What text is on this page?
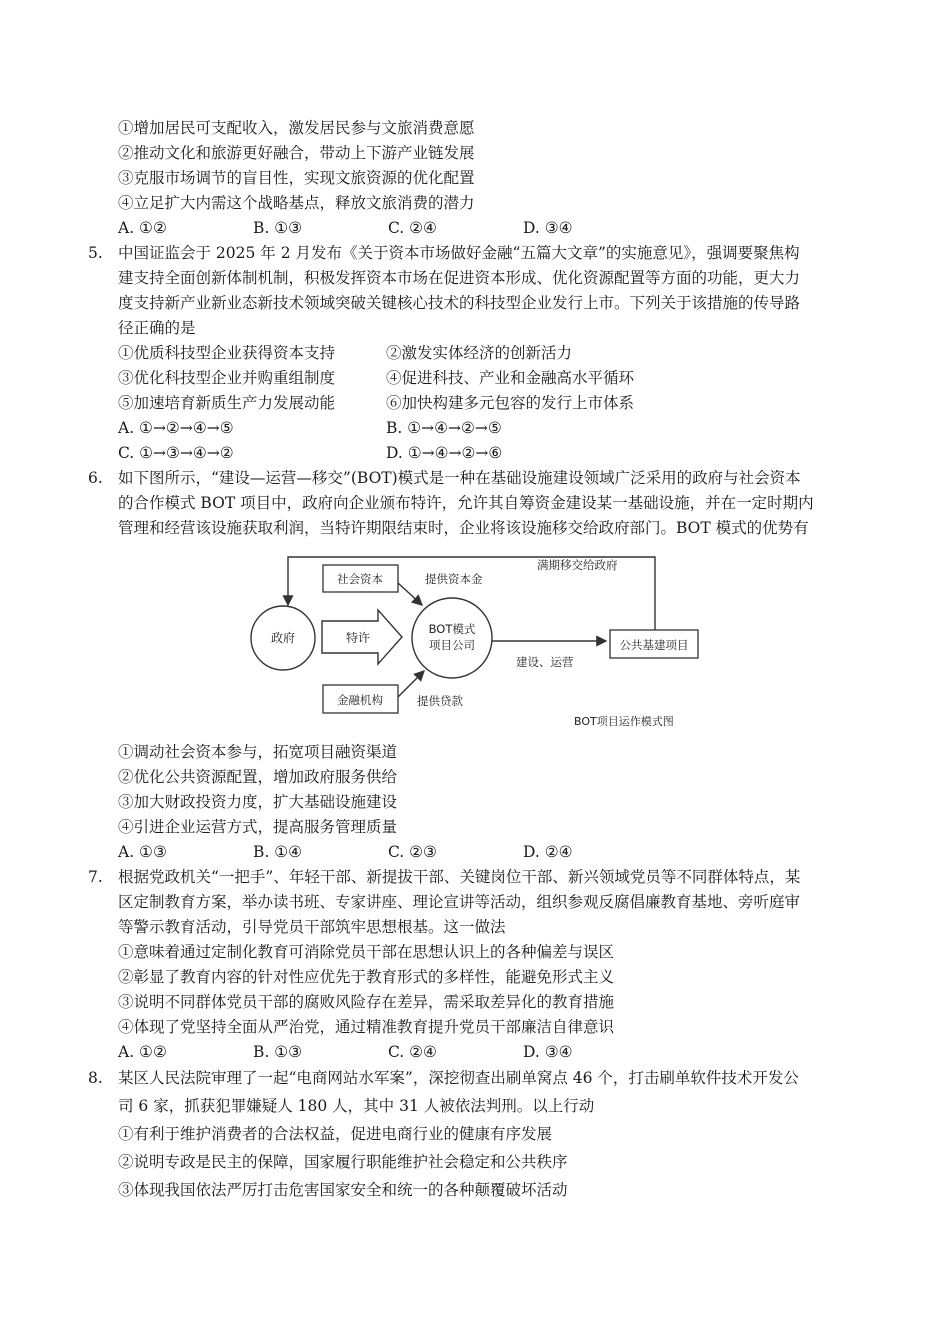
①增加居民可支配收入，激发居民参与文旅消费意愿
②推动文化和旅游更好融合，带动上下游产业链发展
③克服市场调节的盲目性，实现文旅资源的优化配置
④立足扩大内需这个战略基点，释放文旅消费的潜力
A. ①②	B. ①③	C. ②④	D. ③④
5. 中国证监会于 2025 年 2 月发布《关于资本市场做好金融“五篇大文章”的实施意见》，强调要聚焦构
建支持全面创新体制机制，积极发挥资本市场在促进资本形成、优化资源配置等方面的功能，更大力
度支持新产业新业态新技术领域突破关键核心技术的科技型企业发行上市。下列关于该措施的传导路
径正确的是
①优质科技型企业获得资本支持	②激发实体经济的创新活力
③优化科技型企业并购重组制度	④促进科技、产业和金融高水平循环
⑤加速培育新质生产力发展动能	⑥加快构建多元包容的发行上市体系
A. ①→②→④→⑤	B. ①→④→②→⑤
C. ①→③→④→②	D. ①→④→②→⑥
6. 如下图所示，“建设—运营—移交”(BOT)模式是一种在基础设施建设领域广泛采用的政府与社会资本
的合作模式 BOT 项目中，政府向企业颁布特许，允许其自筹资金建设某一基础设施，并在一定时期内
管理和经营该设施获取利润，当特许期限结束时，企业将该设施移交给政府部门。BOT 模式的优势有
满期移交给政府
政府	特许
BOT模式
项目公司
社会资本	提供资本金
金融机构	提供贷款
建设、运营
公共基建项目
BOT项目运作模式图
①调动社会资本参与，拓宽项目融资渠道
②优化公共资源配置，增加政府服务供给
③加大财政投资力度，扩大基础设施建设
④引进企业运营方式，提高服务管理质量
A. ①③	B. ①④	C. ②③	D. ②④
7. 根据党政机关“一把手”、年轻干部、新提拔干部、关键岗位干部、新兴领域党员等不同群体特点，某
区定制教育方案，举办读书班、专家讲座、理论宣讲等活动，组织参观反腐倡廉教育基地、旁听庭审
等警示教育活动，引导党员干部筑牢思想根基。这一做法
①意味着通过定制化教育可消除党员干部在思想认识上的各种偏差与误区
②彰显了教育内容的针对性应优先于教育形式的多样性，能避免形式主义
③说明不同群体党员干部的腐败风险存在差异，需采取差异化的教育措施
④体现了党坚持全面从严治党，通过精准教育提升党员干部廉洁自律意识
A. ①②	B. ①③	C. ②④	D. ③④
8. 某区人民法院审理了一起“电商网站水军案”，深挖彻查出刷单窝点 46 个，打击刷单软件技术开发公
司 6 家，抓获犯罪嫌疑人 180 人，其中 31 人被依法判刑。以上行动
①有利于维护消费者的合法权益，促进电商行业的健康有序发展
②说明专政是民主的保障，国家履行职能维护社会稳定和公共秩序
③体现我国依法严厉打击危害国家安全和统一的各种颠覆破坏活动
